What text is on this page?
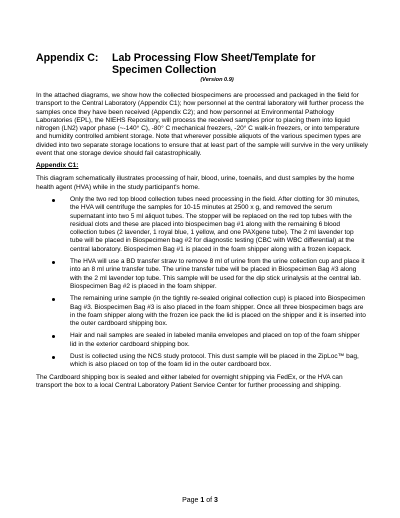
Appendix C:	Lab Processing Flow Sheet/Template for Specimen Collection
(Version 0.9)

In the attached diagrams, we show how the collected biospecimens are processed and packaged in the field for transport to the Central Laboratory (Appendix C1); how personnel at the central laboratory will further process the samples once they have been received (Appendix C2); and how personnel at Environmental Pathology Laboratories (EPL), the NIEHS Repository, will process the received samples prior to placing them into liquid nitrogen (LN2) vapor phase (~-140° C), -80° C mechanical freezers, -20° C walk-in freezers, or into temperature and humidity controlled ambient storage. Note that wherever possible aliquots of the various specimen types are divided into two separate storage locations to ensure that at least part of the sample will survive in the very unlikely event that one storage device should fail catastrophically.

Appendix C1:
This diagram schematically illustrates processing of hair, blood, urine, toenails, and dust samples by the home health agent (HVA) while in the study participant's home.
Only the two red top blood collection tubes need processing in the field. After clotting for 30 minutes, the HVA will centrifuge the samples for 10-15 minutes at 2500 x g, and removed the serum supernatant into two 5 ml aliquot tubes. The stopper will be replaced on the red top tubes with the residual clots and these are placed into biospecimen bag #1 along with the remaining 6 blood collection tubes (2 lavender, 1 royal blue, 1 yellow, and one PAXgene tube). The 2 ml lavender top tube will be placed in Biospecimen bag #2 for diagnostic testing (CBC with WBC differential) at the central laboratory. Biospecimen Bag #1 is placed in the foam shipper along with a frozen icepack.
The HVA will use a BD transfer straw to remove 8 ml of urine from the urine collection cup and place it into an 8 ml urine transfer tube. The urine transfer tube will be placed in Biospecimen Bag #3 along with the 2 ml lavender top tube. This sample will be used for the dip stick urinalysis at the central lab. Biospecimen Bag #2 is placed in the foam shipper.
The remaining urine sample (in the tightly re-sealed original collection cup) is placed into Biospecimen Bag #3. Biospecimen Bag #3 is also placed in the foam shipper. Once all three biospecimen bags are in the foam shipper along with the frozen ice pack the lid is placed on the shipper and it is inserted into the outer cardboard shipping box.
Hair and nail samples are sealed in labeled manila envelopes and placed on top of the foam shipper lid in the exterior cardboard shipping box.
Dust is collected using the NCS study protocol. This dust sample will be placed in the ZipLoc™ bag, which is also placed on top of the foam lid in the outer cardboard box.
The Cardboard shipping box is sealed and either labeled for overnight shipping via FedEx, or the HVA can transport the box to a local Central Laboratory Patient Service Center for further processing and shipping.
Page 1 of 3
